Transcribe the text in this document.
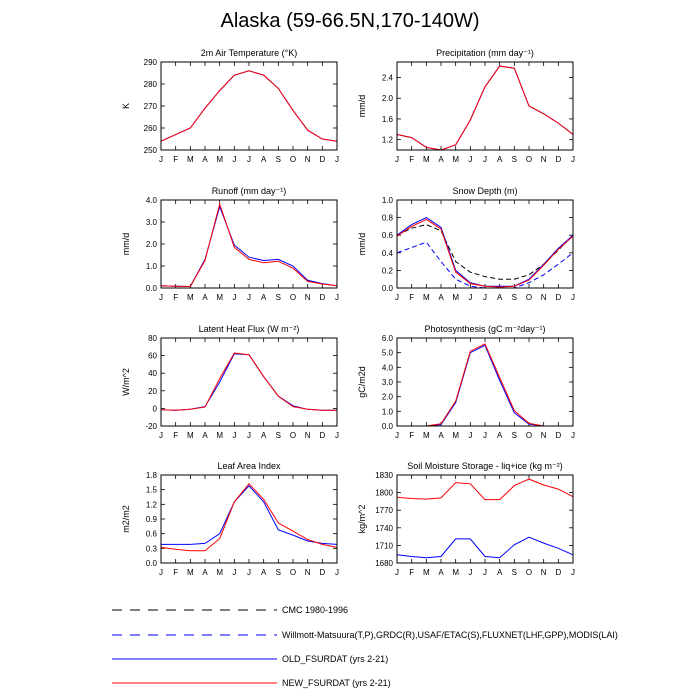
Alaska (59-66.5N,170-140W)
2m Air Temperature (°K)
K
250
260
270
280
290
J F M A M J J A S O N D J
Precipitation (mm day⁻¹)
mm/d
1.2
1.6
2.0
2.4
J F M A M J J A S O N D J
Runoff (mm day⁻¹)
mm/d
0.0
1.0
2.0
3.0
4.0
J F M A M J J A S O N D J
Snow Depth (m)
mm/d
0.0
0.2
0.4
0.6
0.8
1.0
J F M A M J J A S O N D J
Latent Heat Flux (W m⁻²)
W/m^2
-20
0
20
40
60
80
J F M A M J J A S O N D J
Photosynthesis (gC m⁻²day⁻¹)
gC/m2d
0.0
1.0
2.0
3.0
4.0
5.0
6.0
J F M A M J J A S O N D J
Leaf Area Index
m2/m2
0.0
0.3
0.6
0.9
1.2
1.5
1.8
J F M A M J J A S O N D J
Soil Moisture Storage - liq+ice (kg m⁻²)
kg/m^2
1680
1710
1740
1770
1800
1830
J F M A M J J A S O N D J
CMC 1980-1996
Willmott-Matsuura(T,P),GRDC(R),USAF/ETAC(S),FLUXNET(LHF,GPP),MODIS(LAI)
OLD_FSURDAT (yrs 2-21)
NEW_FSURDAT (yrs 2-21)
